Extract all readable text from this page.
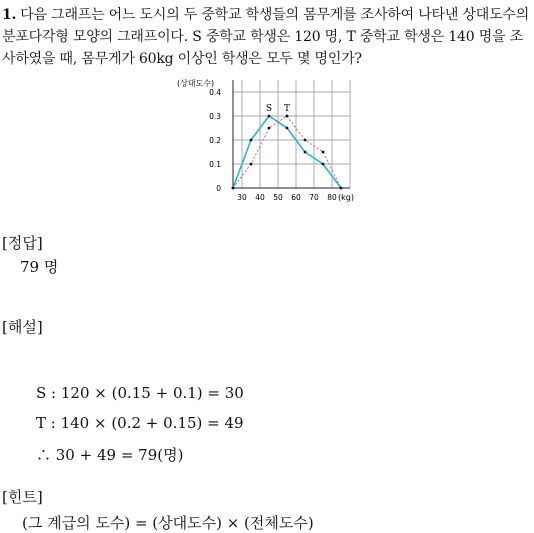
1. 다음 그래프는 어느 도시의 두 중학교 학생들의 몸무게를 조사하여 나타낸 상대도수의 분포다각형 모양의 그래프이다. S 중학교 학생은 120 명, T 중학교 학생은 140 명을 조사하였을 때, 몸무게가 60kg 이상인 학생은 모두 몇 명인가?
0
0.1
0.2
0.3
0.4
30 40 50 60 70 80
S T
(상대도수)
(kg)
[정답]
79 명
[해설]
S : 120 × (0.15 + 0.1) = 30
T : 140 × (0.2 + 0.15) = 49
∴ 30 + 49 = 79(명)
[힌트]
(그 계급의 도수) = (상대도수) × (전체도수)
